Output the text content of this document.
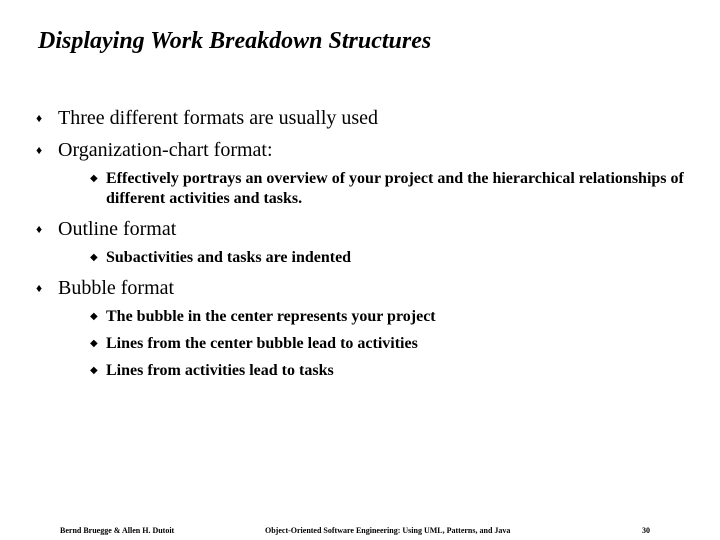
Displaying Work Breakdown Structures
♦ Three different formats are usually used
♦ Organization-chart format:
◆ Effectively portrays an overview of your project and the hierarchical relationships of different activities and tasks.
♦ Outline format
◆ Subactivities and tasks are indented
♦ Bubble format
◆ The bubble in the center represents your project
◆ Lines from the center bubble lead to activities
◆ Lines from activities lead to tasks
Bernd Bruegge & Allen H. Dutoit	Object-Oriented Software Engineering: Using UML, Patterns, and Java	30
